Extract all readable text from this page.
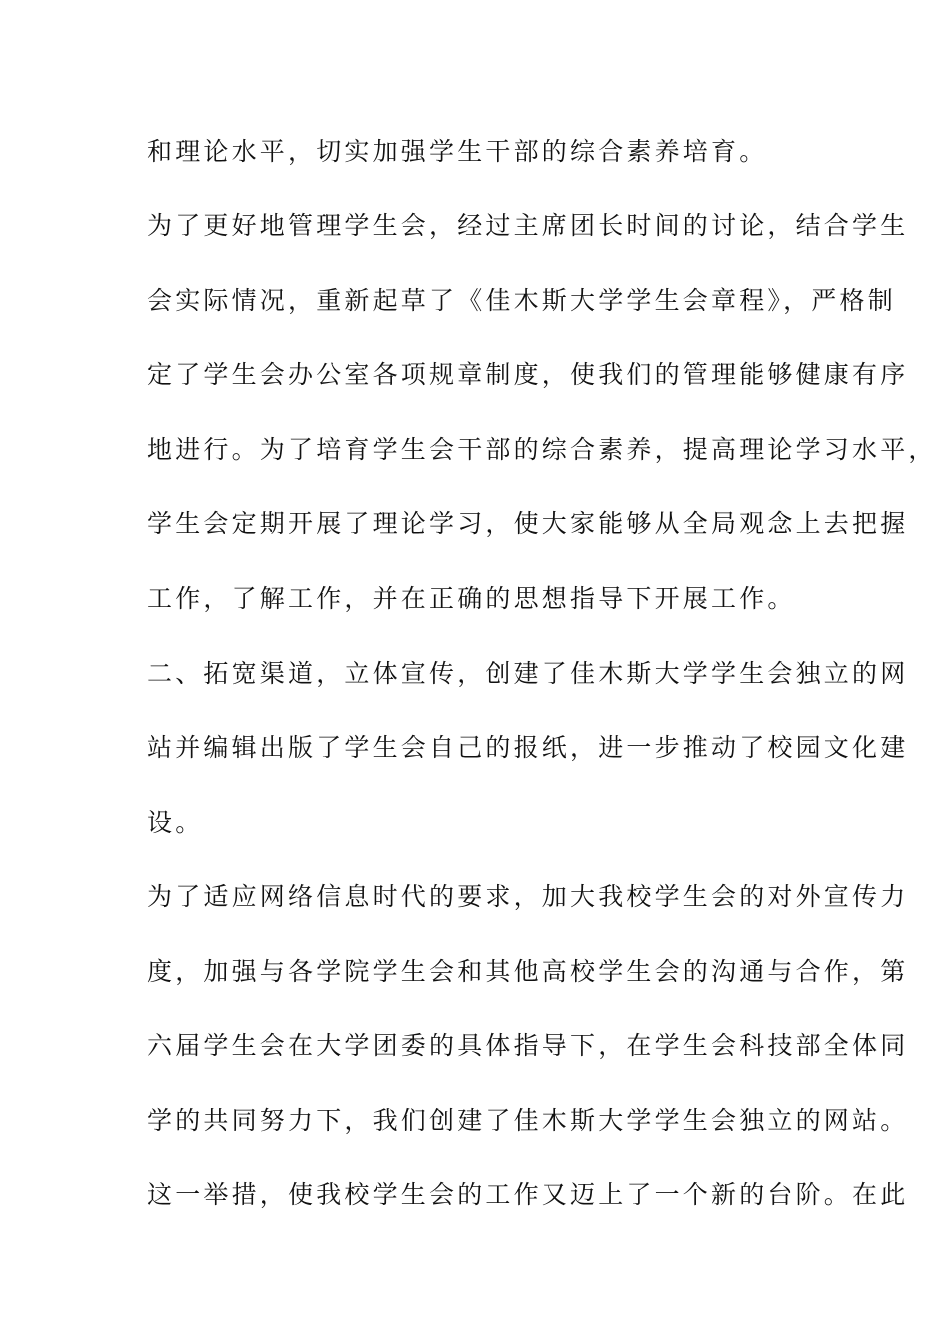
和理论水平，切实加强学生干部的综合素养培育。
为了更好地管理学生会，经过主席团长时间的讨论，结合学生
会实际情况，重新起草了《佳木斯大学学生会章程》，严格制
定了学生会办公室各项规章制度，使我们的管理能够健康有序
地进行。为了培育学生会干部的综合素养，提高理论学习水平，
学生会定期开展了理论学习，使大家能够从全局观念上去把握
工作，了解工作，并在正确的思想指导下开展工作。
二、拓宽渠道，立体宣传，创建了佳木斯大学学生会独立的网
站并编辑出版了学生会自己的报纸，进一步推动了校园文化建
设。
为了适应网络信息时代的要求，加大我校学生会的对外宣传力
度，加强与各学院学生会和其他高校学生会的沟通与合作，第
六届学生会在大学团委的具体指导下，在学生会科技部全体同
学的共同努力下，我们创建了佳木斯大学学生会独立的网站。
这一举措，使我校学生会的工作又迈上了一个新的台阶。在此
